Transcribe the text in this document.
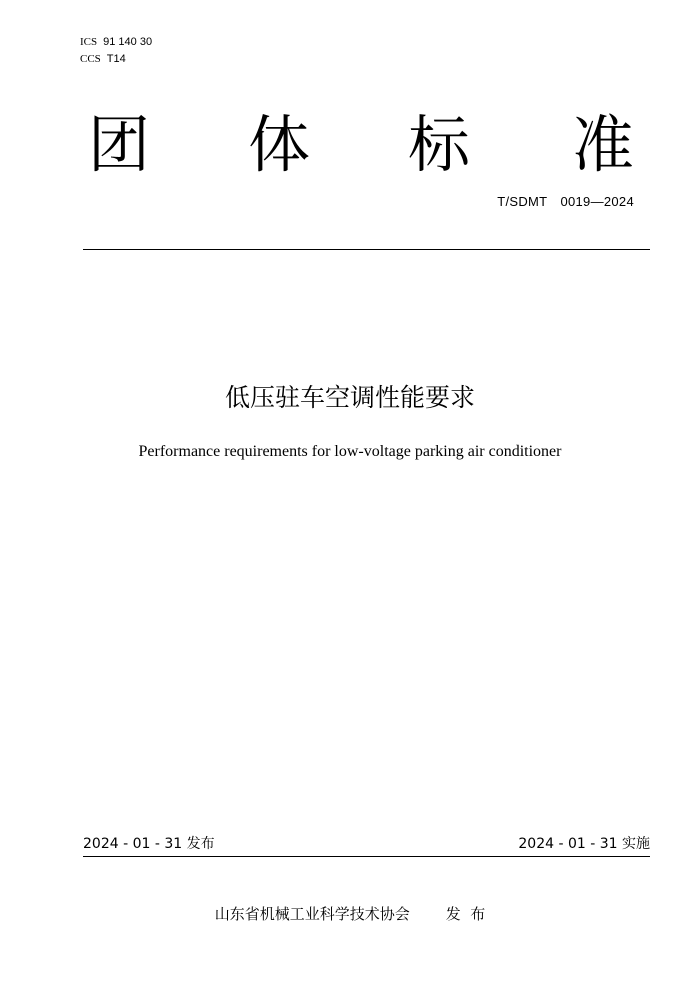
ICS 91 140 30
CCS T14
团 体 标 准
T/SDMT　0019—2024
低压驻车空调性能要求
Performance requirements for low-voltage parking air conditioner
2024 - 01 - 31 发布	2024 - 01 - 31 实施
山东省机械工业科学技术协会 发  布
